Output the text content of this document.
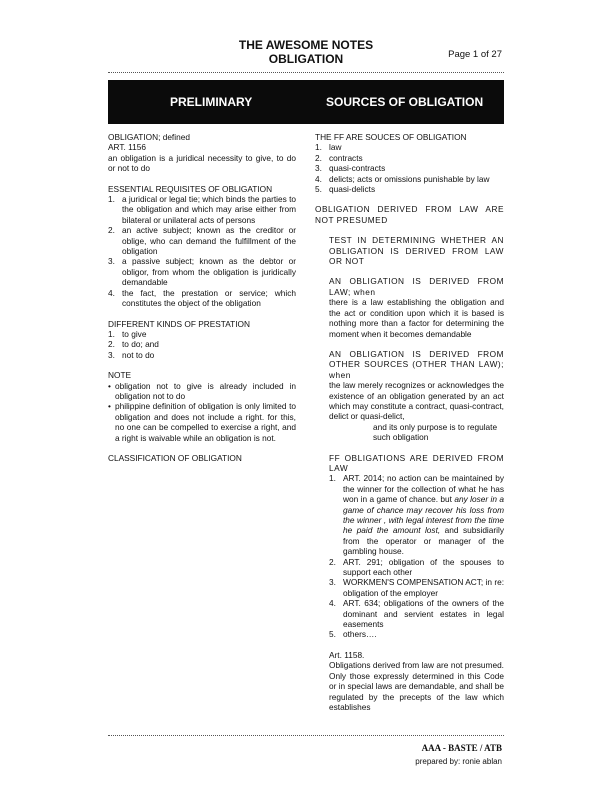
THE AWESOME NOTES
OBLIGATION	Page 1 of 27
PRELIMINARY	SOURCES OF OBLIGATION

OBLIGATION; defined

ART. 1156

an obligation is a juridical necessity to give, to do or not to do

ESSENTIAL REQUISITES OF OBLIGATION

1. a juridical or legal tie; which binds the parties to the obligation and which may arise either from bilateral or unilateral acts of persons
2. an active subject; known as the creditor or oblige, who can demand the fulfillment of the obligation
3. a passive subject; known as the debtor or obligor, from whom the obligation is juridically demandable
4. the fact, the prestation or service; which constitutes the object of the obligation

DIFFERENT KINDS OF PRESTATION

1. to give
2. to do; and
3. not to do

NOTE

• obligation not to give is already included in obligation not to do
• philippine definition of obligation is only limited to obligation and does not include a right. for this, no one can be compelled to exercise a right, and a right is waivable while an obligation is not.

CLASSIFICATION OF OBLIGATION

THE FF ARE SOUCES OF OBLIGATION

1. law
2. contracts
3. quasi-contracts
4. delicts; acts or omissions punishable by law
5. quasi-delicts

OBLIGATION DERIVED FROM LAW ARE NOT PRESUMED

TEST IN DETERMINING WHETHER AN OBLIGATION IS DERIVED FROM LAW OR NOT

AN OBLIGATION IS DERIVED FROM LAW; when

there is a law establishing the obligation and the act or condition upon which it is based is nothing more than a factor for determining the moment when it becomes demandable

AN OBLIGATION IS DERIVED FROM OTHER SOURCES (OTHER THAN LAW); when

the law merely recognizes or acknowledges the existence of an obligation generated by an act which may constitute a contract, quasi-contract, delict or quasi-delict,

and its only purpose is to regulate such obligation

FF OBLIGATIONS ARE DERIVED FROM LAW

1. ART. 2014; no action can be maintained by the winner for the collection of what he has won in a game of chance. but any loser in a game of chance may recover his loss from the winner , with legal interest from the time he paid the amount lost, and subsidiarily from the operator or manager of the gambling house.
2. ART. 291; obligation of the spouses to support each other
3. WORKMEN'S COMPENSATION ACT; in re: obligation of the employer
4. ART. 634; obligations of the owners of the dominant and servient estates in legal easements
5. others….

Art. 1158.

Obligations derived from law are not presumed. Only those expressly determined in this Code or in special laws are demandable, and shall be regulated by the precepts of the law which establishes

AAA - BASTE / ATB
prepared by: ronie ablan
